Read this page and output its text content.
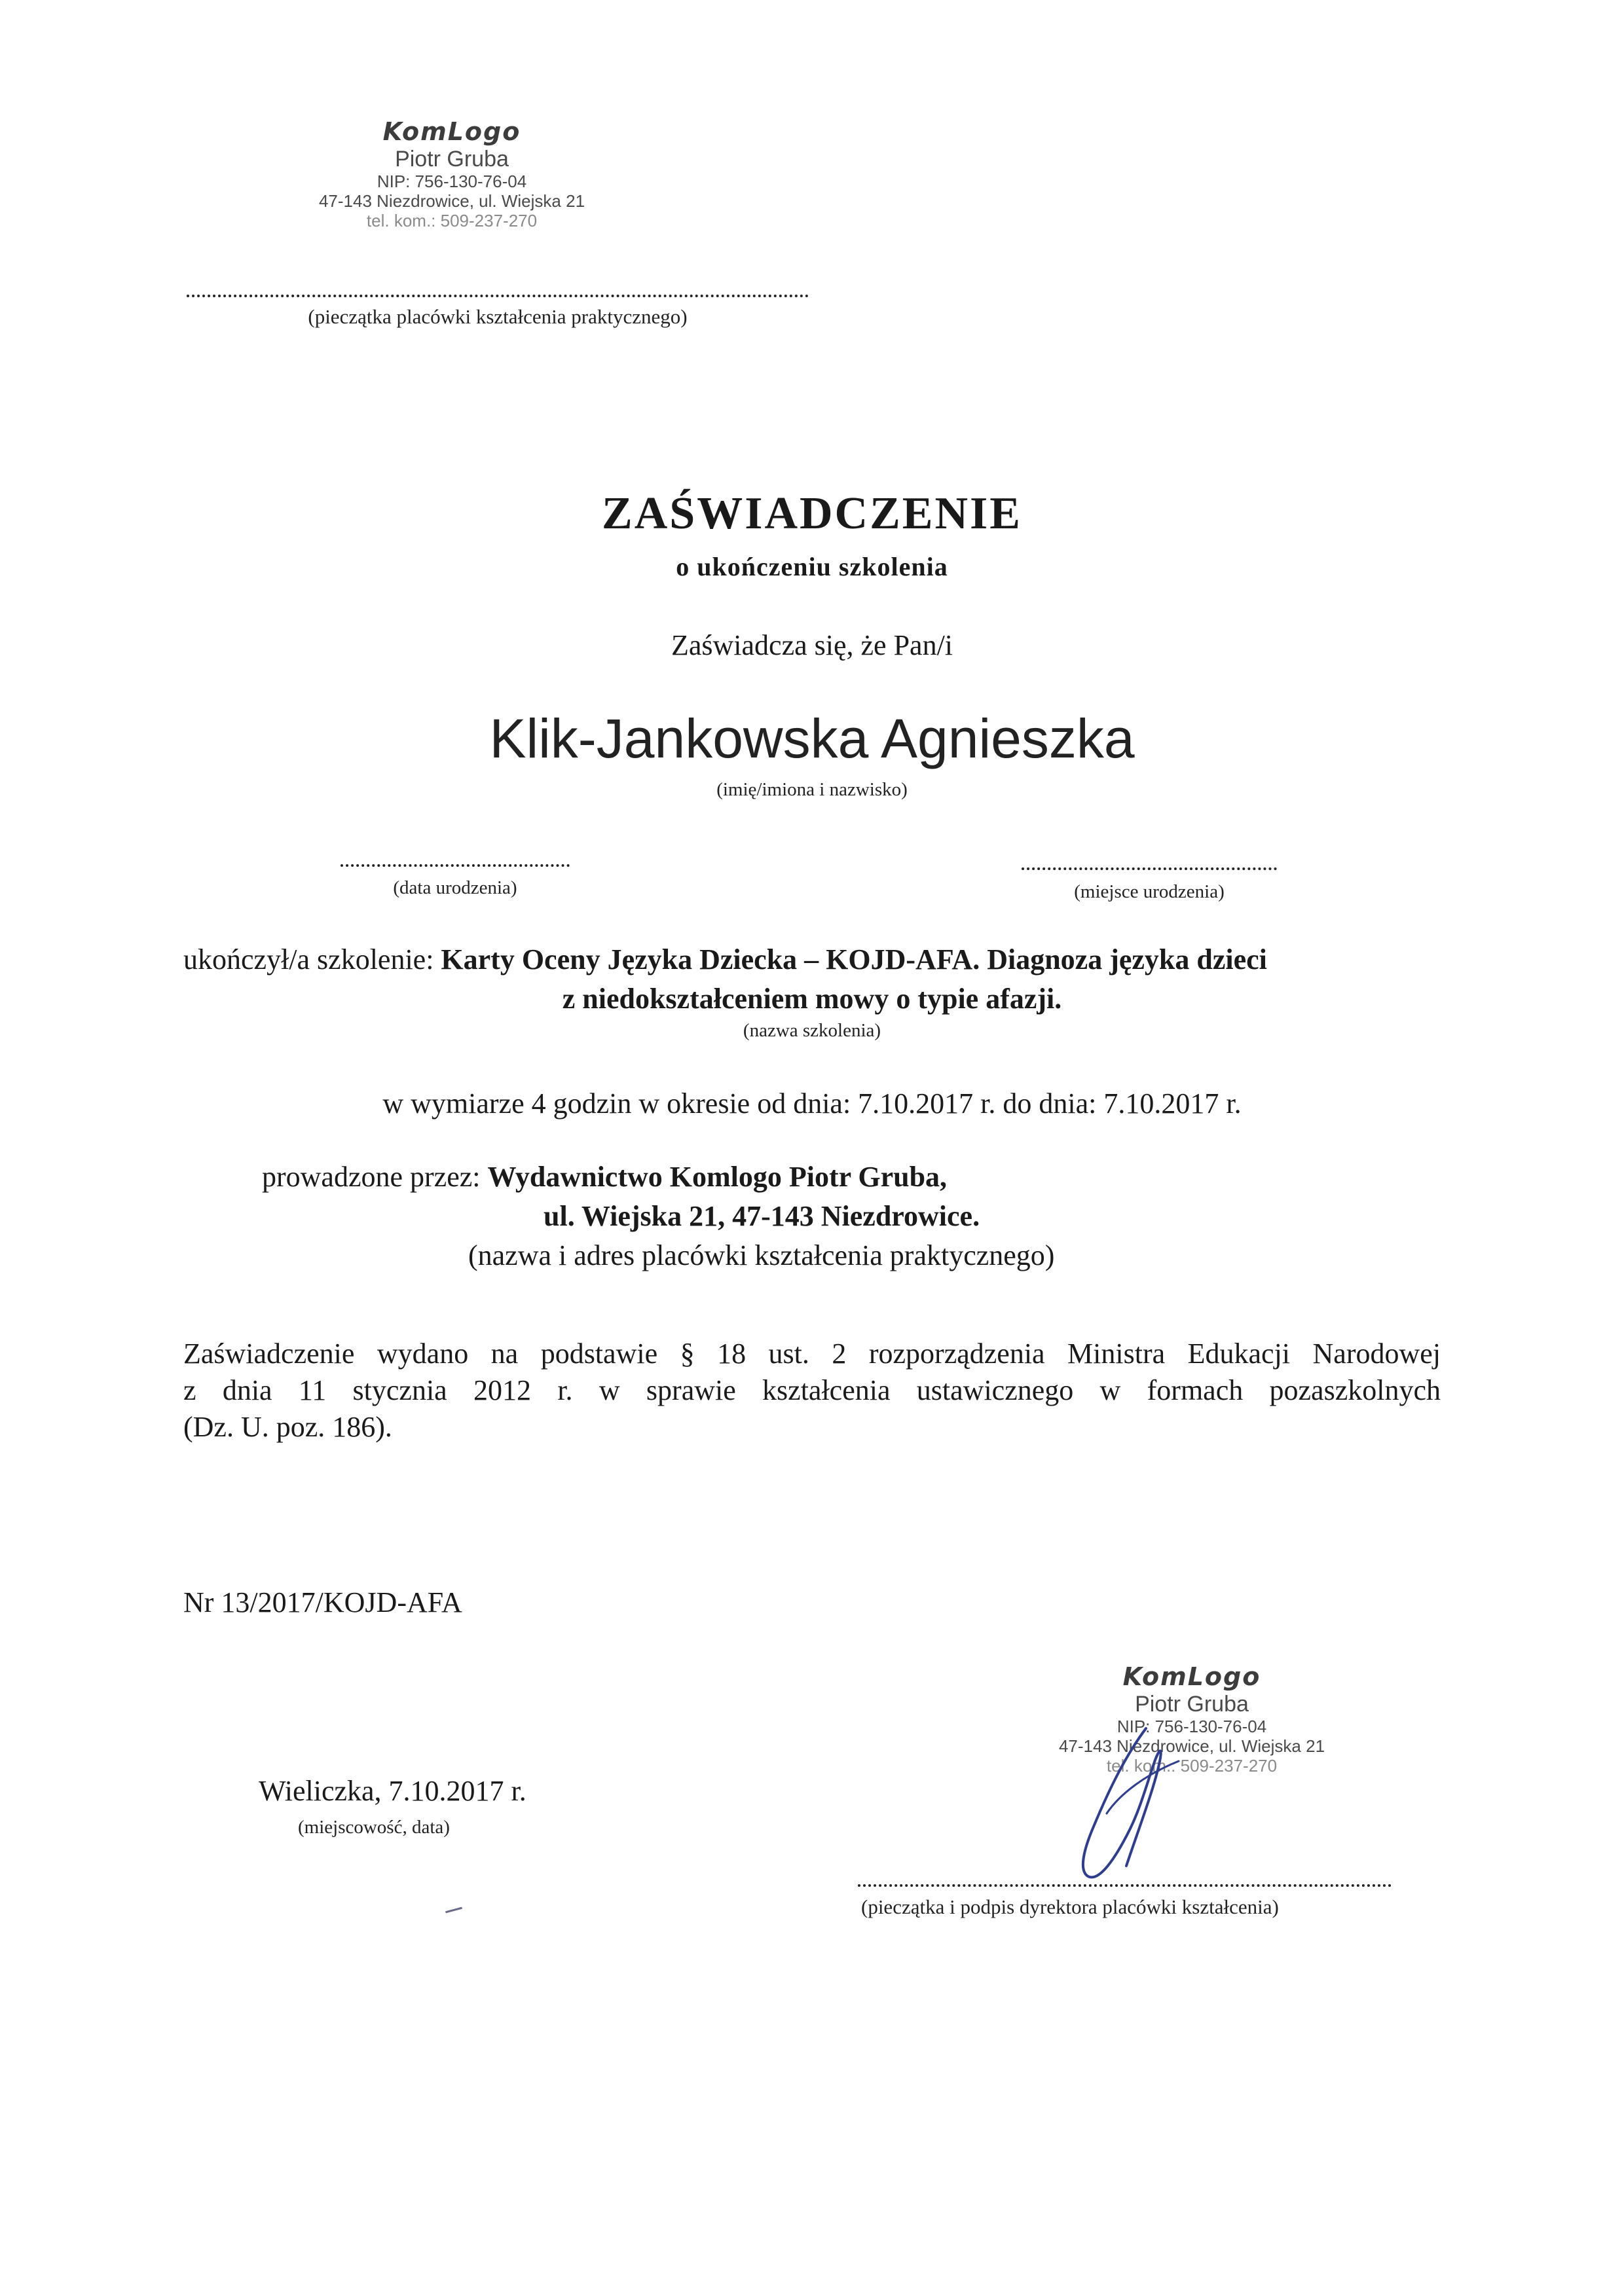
KomLogo
Piotr Gruba
NIP: 756-130-76-04
47-143 Niezdrowice, ul. Wiejska 21
tel. kom.: 509-237-270
(pieczątka placówki kształcenia praktycznego)
ZAŚWIADCZENIE
o ukończeniu szkolenia
Zaświadcza się, że Pan/i
Klik-Jankowska Agnieszka
(imię/imiona i nazwisko)
(data urodzenia)	(miejsce urodzenia)
ukończył/a szkolenie: Karty Oceny Języka Dziecka – KOJD-AFA. Diagnoza języka dzieci
z niedokształceniem mowy o typie afazji.
(nazwa szkolenia)
w wymiarze 4 godzin w okresie od dnia: 7.10.2017 r. do dnia: 7.10.2017 r.
prowadzone przez: Wydawnictwo Komlogo Piotr Gruba,
ul. Wiejska 21, 47-143 Niezdrowice.
(nazwa i adres placówki kształcenia praktycznego)
Zaświadczenie wydano na podstawie § 18 ust. 2 rozporządzenia Ministra Edukacji Narodowej
z dnia 11 stycznia 2012 r. w sprawie kształcenia ustawicznego w formach pozaszkolnych
(Dz. U. poz. 186).
Nr 13/2017/KOJD-AFA
Wieliczka, 7.10.2017 r.
(miejscowość, data)
KomLogo
Piotr Gruba
NIP: 756-130-76-04
47-143 Niezdrowice, ul. Wiejska 21
tel. kom.: 509-237-270
(pieczątka i podpis dyrektora placówki kształcenia)
